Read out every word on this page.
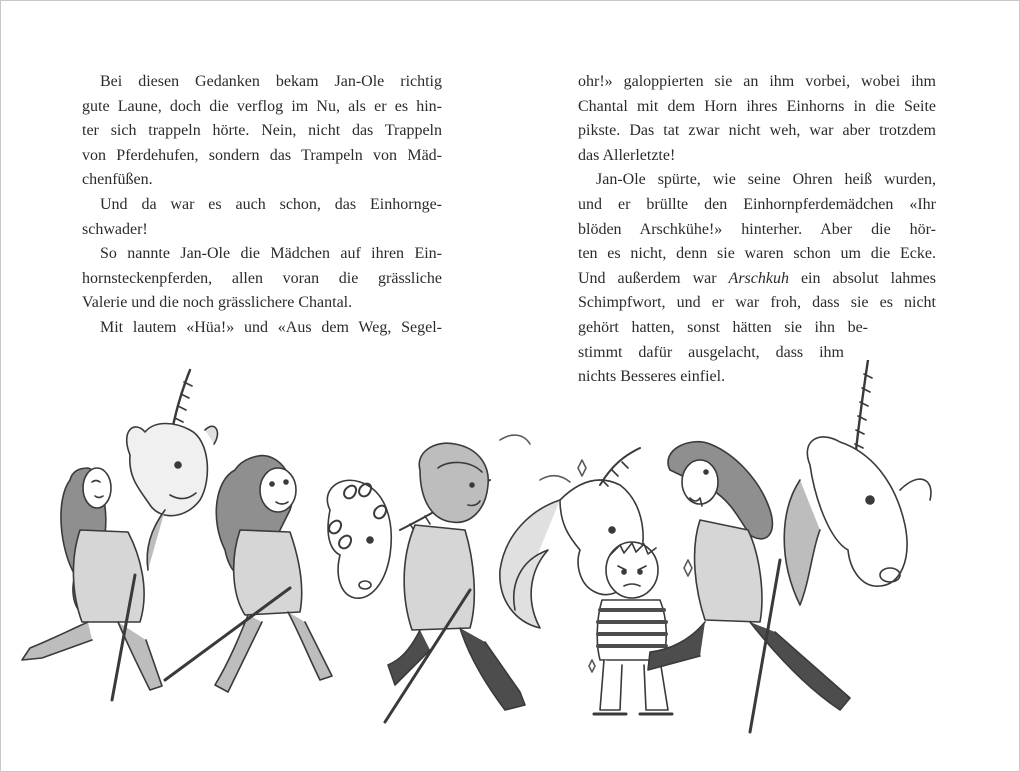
Bei diesen Gedanken bekam Jan-Ole richtig
gute Laune, doch die verflog im Nu, als er es hin-
ter sich trappeln hörte. Nein, nicht das Trappeln
von Pferdehufen, sondern das Trampeln von Mäd-
chenfüßen.
Und da war es auch schon, das Einhornge-
schwader!
So nannte Jan-Ole die Mädchen auf ihren Ein-
hornsteckenpferden, allen voran die grässliche
Valerie und die noch grässlichere Chantal.
Mit lautem «Hüa!» und «Aus dem Weg, Segel-
ohr!» galoppierten sie an ihm vorbei, wobei ihm
Chantal mit dem Horn ihres Einhorns in die Seite
pikste. Das tat zwar nicht weh, war aber trotzdem
das Allerletzte!
Jan-Ole spürte, wie seine Ohren heiß wurden,
und er brüllte den Einhornpferdemädchen «Ihr
blöden Arschkühe!» hinterher. Aber die hör-
ten es nicht, denn sie waren schon um die Ecke.
Und außerdem war Arschkuh ein absolut lahmes
Schimpfwort, und er war froh, dass sie es nicht
gehört hatten, sonst hätten sie ihn be-
stimmt dafür ausgelacht, dass ihm
nichts Besseres einfiel.
